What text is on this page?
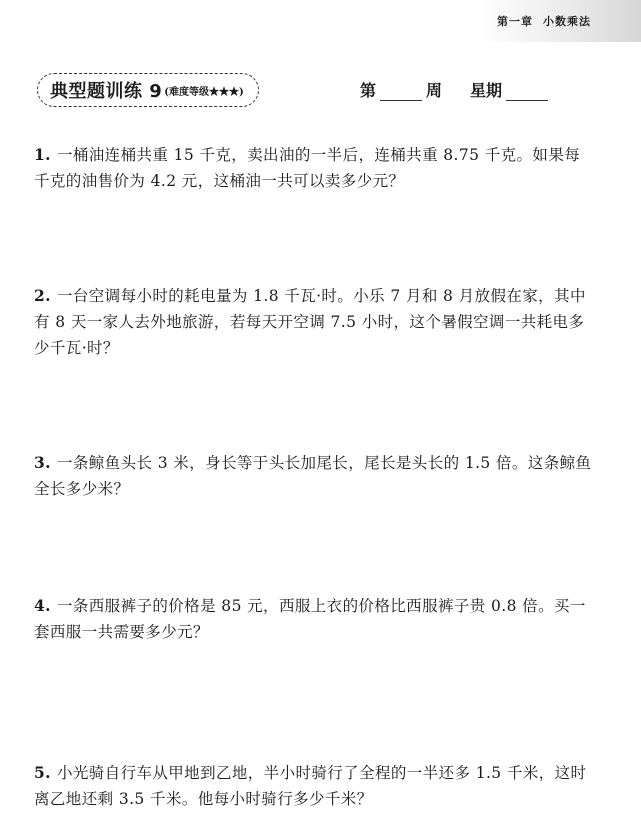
第一章 小数乘法
典型题训练 9 (难度等级★★★)	第	周 星期
1. 一桶油连桶共重 15 千克，卖出油的一半后，连桶共重 8.75 千克。如果每千克的油售价为 4.2 元，这桶油一共可以卖多少元？
2. 一台空调每小时的耗电量为 1.8 千瓦·时。小乐 7 月和 8 月放假在家，其中有 8 天一家人去外地旅游，若每天开空调 7.5 小时，这个暑假空调一共耗电多少千瓦·时？
3. 一条鲸鱼头长 3 米，身长等于头长加尾长，尾长是头长的 1.5 倍。这条鲸鱼全长多少米？
4. 一条西服裤子的价格是 85 元，西服上衣的价格比西服裤子贵 0.8 倍。买一套西服一共需要多少元？
5. 小光骑自行车从甲地到乙地，半小时骑行了全程的一半还多 1.5 千米，这时离乙地还剩 3.5 千米。他每小时骑行多少千米？
